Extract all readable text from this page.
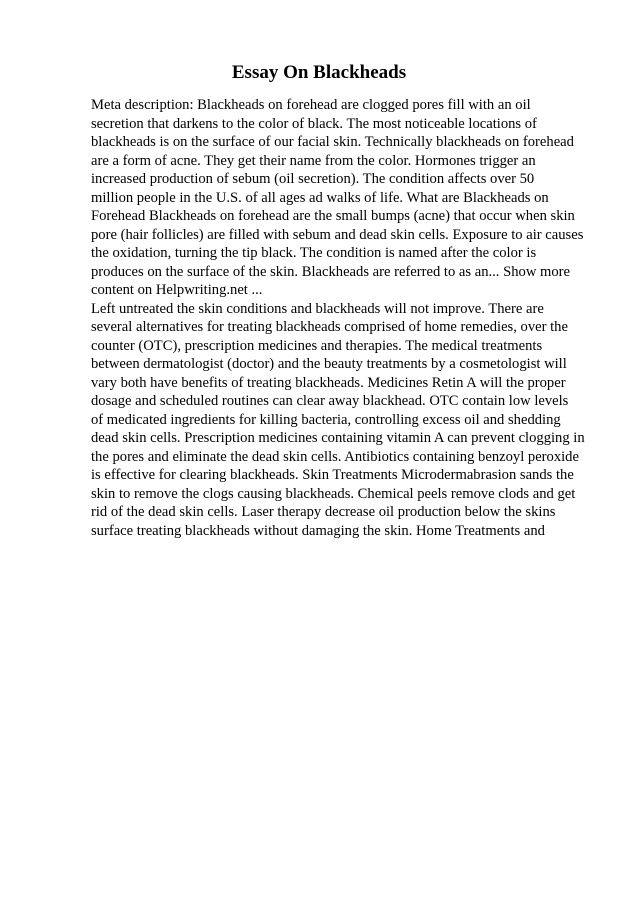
Essay On Blackheads
Meta description: Blackheads on forehead are clogged pores fill with an oil
secretion that darkens to the color of black. The most noticeable locations of
blackheads is on the surface of our facial skin. Technically blackheads on forehead
are a form of acne. They get their name from the color. Hormones trigger an
increased production of sebum (oil secretion). The condition affects over 50
million people in the U.S. of all ages ad walks of life. What are Blackheads on
Forehead Blackheads on forehead are the small bumps (acne) that occur when skin
pore (hair follicles) are filled with sebum and dead skin cells. Exposure to air causes
the oxidation, turning the tip black. The condition is named after the color is
produces on the surface of the skin. Blackheads are referred to as an... Show more
content on Helpwriting.net ...
Left untreated the skin conditions and blackheads will not improve. There are
several alternatives for treating blackheads comprised of home remedies, over the
counter (OTC), prescription medicines and therapies. The medical treatments
between dermatologist (doctor) and the beauty treatments by a cosmetologist will
vary both have benefits of treating blackheads. Medicines Retin A will the proper
dosage and scheduled routines can clear away blackhead. OTC contain low levels
of medicated ingredients for killing bacteria, controlling excess oil and shedding
dead skin cells. Prescription medicines containing vitamin A can prevent clogging in
the pores and eliminate the dead skin cells. Antibiotics containing benzoyl peroxide
is effective for clearing blackheads. Skin Treatments Microdermabrasion sands the
skin to remove the clogs causing blackheads. Chemical peels remove clods and get
rid of the dead skin cells. Laser therapy decrease oil production below the skins
surface treating blackheads without damaging the skin. Home Treatments and
